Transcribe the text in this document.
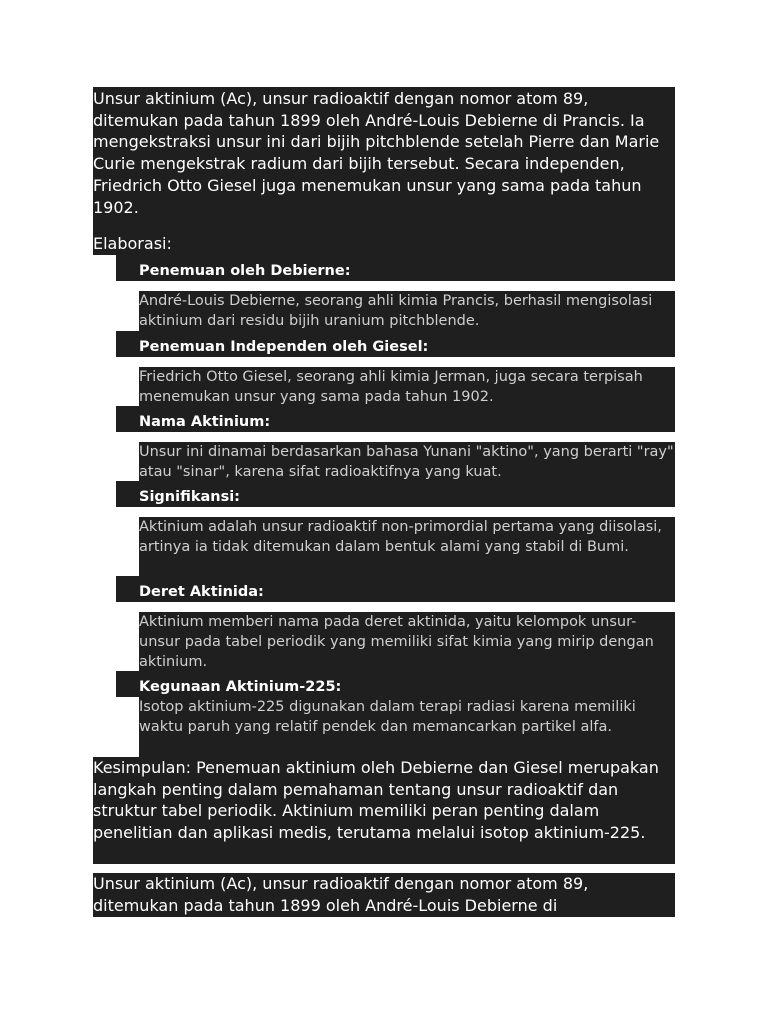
Unsur aktinium (Ac), unsur radioaktif dengan nomor atom 89, ditemukan pada tahun 1899 oleh André-Louis Debierne di Prancis. Ia mengekstraksi unsur ini dari bijih pitchblende setelah Pierre dan Marie Curie mengekstrak radium dari bijih tersebut. Secara independen, Friedrich Otto Giesel juga menemukan unsur yang sama pada tahun 1902.

Elaborasi:

•	Penemuan oleh Debierne:
André-Louis Debierne, seorang ahli kimia Prancis, berhasil mengisolasi aktinium dari residu bijih uranium pitchblende.
•	Penemuan Independen oleh Giesel:
Friedrich Otto Giesel, seorang ahli kimia Jerman, juga secara terpisah menemukan unsur yang sama pada tahun 1902.
•	Nama Aktinium:
Unsur ini dinamai berdasarkan bahasa Yunani "aktino", yang berarti "ray" atau "sinar", karena sifat radioaktifnya yang kuat.
•	Signifikansi:
Aktinium adalah unsur radioaktif non-primordial pertama yang diisolasi, artinya ia tidak ditemukan dalam bentuk alami yang stabil di Bumi.
•	Deret Aktinida:
Aktinium memberi nama pada deret aktinida, yaitu kelompok unsur-unsur pada tabel periodik yang memiliki sifat kimia yang mirip dengan aktinium.
•	Kegunaan Aktinium-225:
Isotop aktinium-225 digunakan dalam terapi radiasi karena memiliki waktu paruh yang relatif pendek dan memancarkan partikel alfa.

Kesimpulan: Penemuan aktinium oleh Debierne dan Giesel merupakan langkah penting dalam pemahaman tentang unsur radioaktif dan struktur tabel periodik. Aktinium memiliki peran penting dalam penelitian dan aplikasi medis, terutama melalui isotop aktinium-225.

Unsur aktinium (Ac), unsur radioaktif dengan nomor atom 89, ditemukan pada tahun 1899 oleh André-Louis Debierne di
